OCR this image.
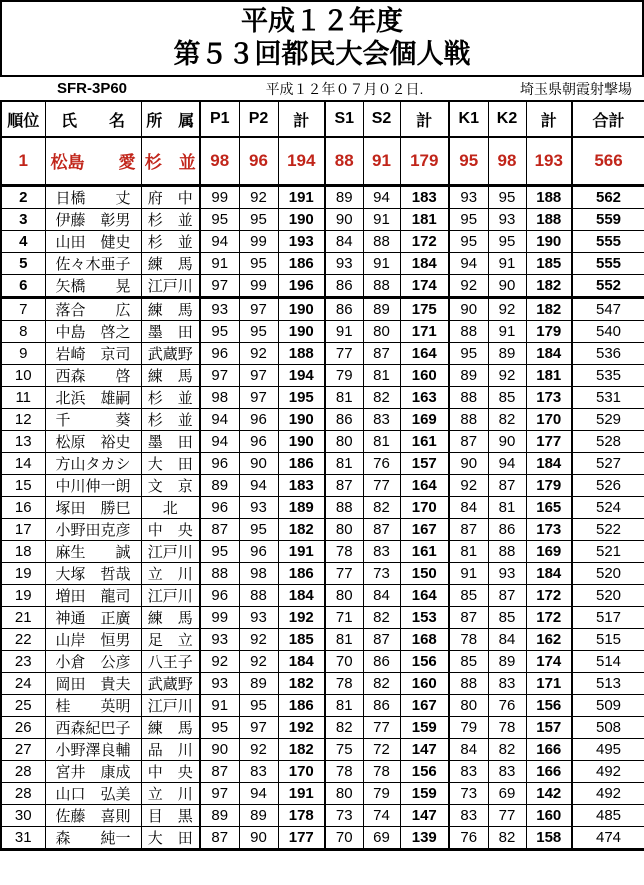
平成１２年度
第５３回都民大会個人戦
SFR-3P60	平成１２年０７月０２日.	埼玉県朝霞射撃場
順位	氏　　名	所　属	P1	P2	計	S1	S2	計	K1	K2	計	合計
1	松島　　愛	杉　並	98	96	194	88	91	179	95	98	193	566
2	日橋　　丈	府　中	99	92	191	89	94	183	93	95	188	562
3	伊藤　彰男	杉　並	95	95	190	90	91	181	95	93	188	559
4	山田　健史	杉　並	94	99	193	84	88	172	95	95	190	555
5	佐々木亜子	練　馬	91	95	186	93	91	184	94	91	185	555
6	矢橋　　晃	江戸川	97	99	196	86	88	174	92	90	182	552
7	落合　　広	練　馬	93	97	190	86	89	175	90	92	182	547
8	中島　啓之	墨　田	95	95	190	91	80	171	88	91	179	540
9	岩崎　京司	武蔵野	96	92	188	77	87	164	95	89	184	536
10	西森　　啓	練　馬	97	97	194	79	81	160	89	92	181	535
11	北浜　雄嗣	杉　並	98	97	195	81	82	163	88	85	173	531
12	千　　　葵	杉　並	94	96	190	86	83	169	88	82	170	529
13	松原　裕史	墨　田	94	96	190	80	81	161	87	90	177	528
14	方山タカシ	大　田	96	90	186	81	76	157	90	94	184	527
15	中川伸一朗	文　京	89	94	183	87	77	164	92	87	179	526
16	塚田　勝巳	北	96	93	189	88	82	170	84	81	165	524
17	小野田克彦	中　央	87	95	182	80	87	167	87	86	173	522
18	麻生　　誠	江戸川	95	96	191	78	83	161	81	88	169	521
19	大塚　哲哉	立　川	88	98	186	77	73	150	91	93	184	520
19	増田　龍司	江戸川	96	88	184	80	84	164	85	87	172	520
21	神通　正廣	練　馬	99	93	192	71	82	153	87	85	172	517
22	山岸　恒男	足　立	93	92	185	81	87	168	78	84	162	515
23	小倉　公彦	八王子	92	92	184	70	86	156	85	89	174	514
24	岡田　貴夫	武蔵野	93	89	182	78	82	160	88	83	171	513
25	桂　　英明	江戸川	91	95	186	81	86	167	80	76	156	509
26	西森紀巴子	練　馬	95	97	192	82	77	159	79	78	157	508
27	小野澤良輔	品　川	90	92	182	75	72	147	84	82	166	495
28	宮井　康成	中　央	87	83	170	78	78	156	83	83	166	492
28	山口　弘美	立　川	97	94	191	80	79	159	73	69	142	492
30	佐藤　喜則	目　黒	89	89	178	73	74	147	83	77	160	485
31	森　　純一	大　田	87	90	177	70	69	139	76	82	158	474
